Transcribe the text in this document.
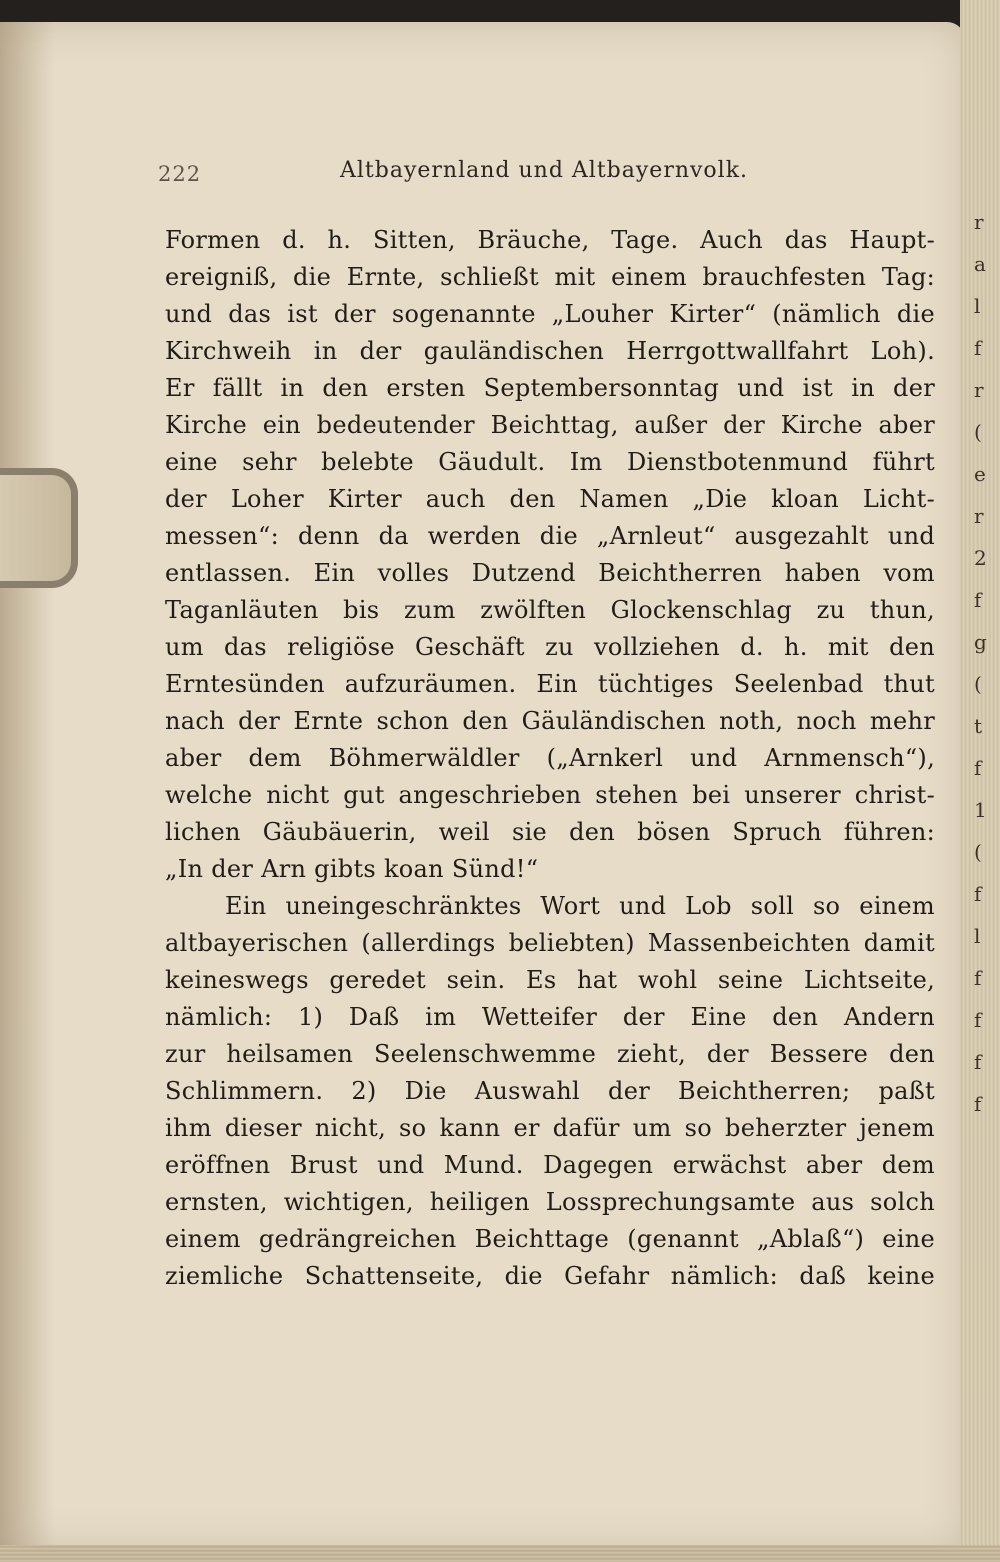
r
a
l
f
r
(
e
r
2
f
g
(
t
f
1
(
f
l
f
f
f
f
222	Altbayernland und Altbayernvolk.
Formen d. h. Sitten, Bräuche, Tage. Auch das Haupt-
ereigniß, die Ernte, schließt mit einem brauchfesten Tag:
und das ist der sogenannte „Louher Kirter“ (nämlich die
Kirchweih in der gauländischen Herrgottwallfahrt Loh).
Er fällt in den ersten Septembersonntag und ist in der
Kirche ein bedeutender Beichttag, außer der Kirche aber
eine sehr belebte Gäudult. Im Dienstbotenmund führt
der Loher Kirter auch den Namen „Die kloan Licht-
messen“: denn da werden die „Arnleut“ ausgezahlt und
entlassen. Ein volles Dutzend Beichtherren haben vom
Taganläuten bis zum zwölften Glockenschlag zu thun,
um das religiöse Geschäft zu vollziehen d. h. mit den
Erntesünden aufzuräumen. Ein tüchtiges Seelenbad thut
nach der Ernte schon den Gäuländischen noth, noch mehr
aber dem Böhmerwäldler („Arnkerl und Arnmensch“),
welche nicht gut angeschrieben stehen bei unserer christ-
lichen Gäubäuerin, weil sie den bösen Spruch führen:
„In der Arn gibts koan Sünd!“
Ein uneingeschränktes Wort und Lob soll so einem
altbayerischen (allerdings beliebten) Massenbeichten damit
keineswegs geredet sein. Es hat wohl seine Lichtseite,
nämlich: 1) Daß im Wetteifer der Eine den Andern
zur heilsamen Seelenschwemme zieht, der Bessere den
Schlimmern. 2) Die Auswahl der Beichtherren; paßt
ihm dieser nicht, so kann er dafür um so beherzter jenem
eröffnen Brust und Mund. Dagegen erwächst aber dem
ernsten, wichtigen, heiligen Lossprechungsamte aus solch
einem gedrängreichen Beichttage (genannt „Ablaß“) eine
ziemliche Schattenseite, die Gefahr nämlich: daß keine
